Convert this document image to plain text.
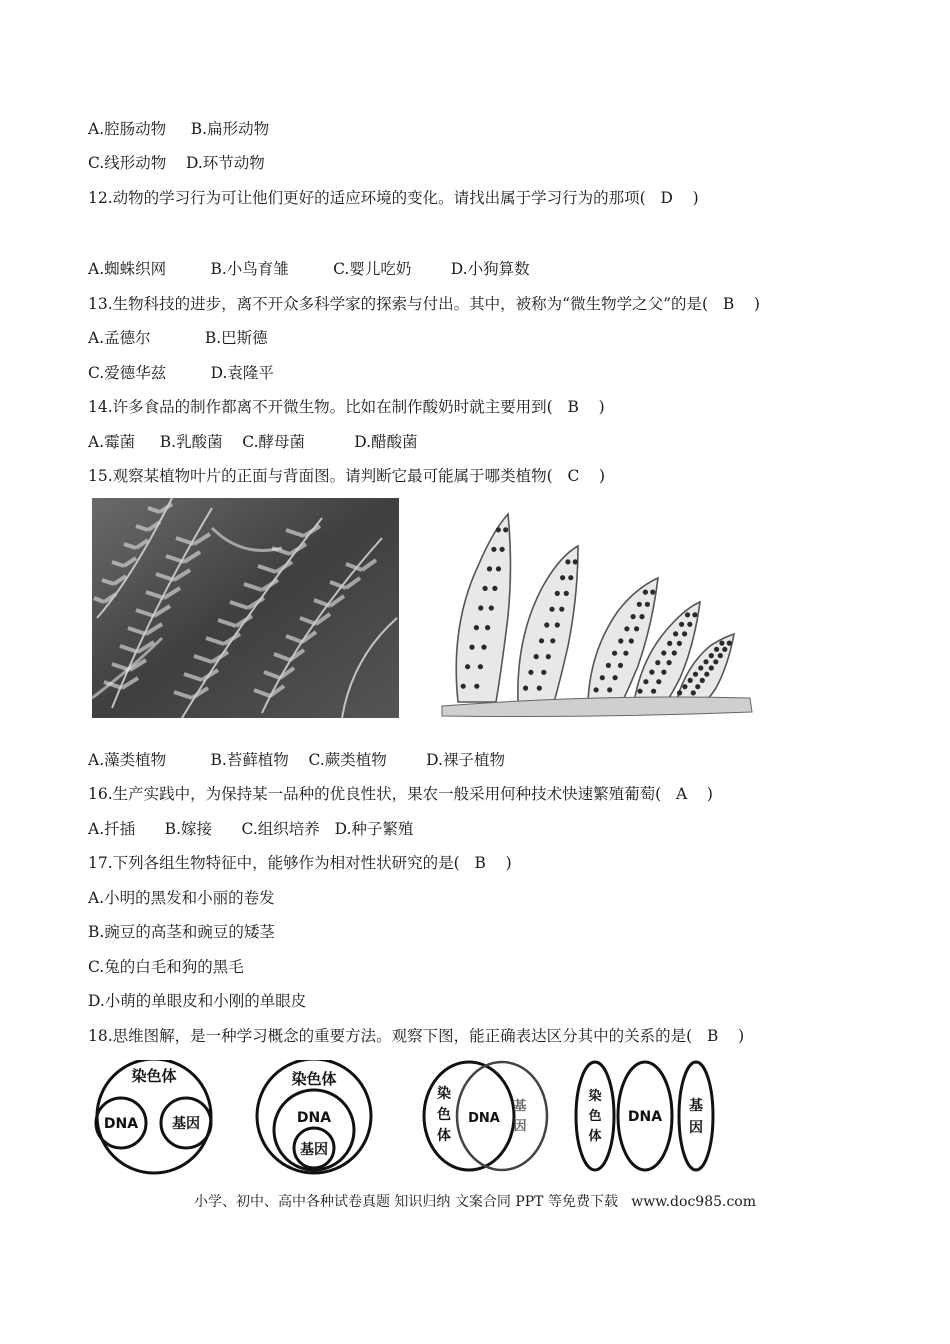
A.腔肠动物     B.扁形动物
C.线形动物    D.环节动物
12.动物的学习行为可让他们更好的适应环境的变化。请找出属于学习行为的那项(   D    )
A.蜘蛛织网         B.小鸟育雏         C.婴儿吃奶        D.小狗算数
13.生物科技的进步，离不开众多科学家的探索与付出。其中，被称为“微生物学之父”的是(   B    )
A.孟德尔           B.巴斯德
C.爱德华兹         D.袁隆平
14.许多食品的制作都离不开微生物。比如在制作酸奶时就主要用到(   B    )
A.霉菌     B.乳酸菌    C.酵母菌          D.醋酸菌
15.观察某植物叶片的正面与背面图。请判断它最可能属于哪类植物(   C    )
A.藻类植物         B.苔藓植物    C.蕨类植物        D.裸子植物
16.生产实践中，为保持某一品种的优良性状，果农一般采用何种技术快速繁殖葡萄(   A    )
A.扦插      B.嫁接      C.组织培养   D.种子繁殖
17.下列各组生物特征中，能够作为相对性状研究的是(   B    )
A.小明的黑发和小丽的卷发
B.豌豆的高茎和豌豆的矮茎
C.兔的白毛和狗的黑毛
D.小萌的单眼皮和小刚的单眼皮
18.思维图解，是一种学习概念的重要方法。观察下图，能正确表达区分其中的关系的是(   B    )
染色体
DNA 基因
染色体
DNA
基因
染
色
体
DNA
基
因
染
色
体
DNA
基
因
小学、初中、高中各种试卷真题 知识归纳 文案合同 PPT 等免费下载   www.doc985.com
